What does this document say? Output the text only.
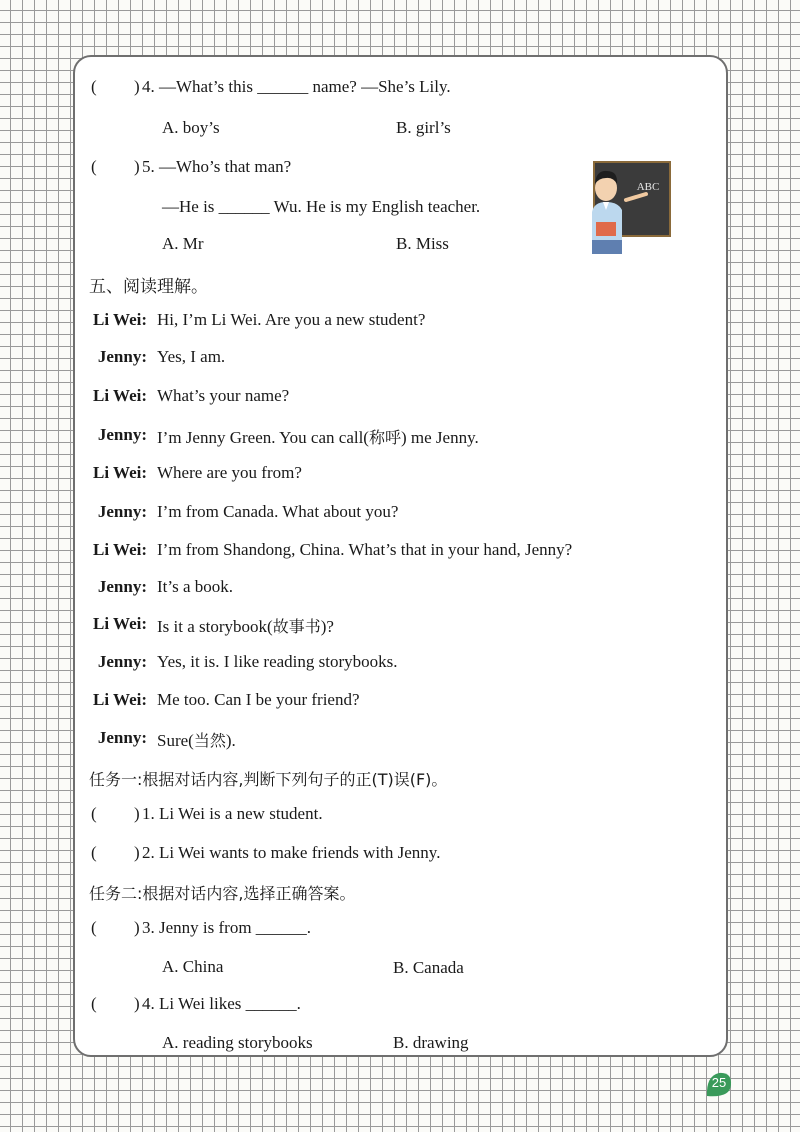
( ) 4. —What’s this ______ name? —She’s Lily.
A. boy’s	B. girl’s
( ) 5. —Who’s that man?
—He is ______ Wu. He is my English teacher.
A. Mr	B. Miss
ABC
五、阅读理解。
Li Wei: Hi, I’m Li Wei. Are you a new student?
Jenny: Yes, I am.
Li Wei: What’s your name?
Jenny: I’m Jenny Green. You can call(称呼) me Jenny.
Li Wei: Where are you from?
Jenny: I’m from Canada. What about you?
Li Wei: I’m from Shandong, China. What’s that in your hand, Jenny?
Jenny: It’s a book.
Li Wei: Is it a storybook(故事书)?
Jenny: Yes, it is. I like reading storybooks.
Li Wei: Me too. Can I be your friend?
Jenny: Sure(当然).
任务一:根据对话内容,判断下列句子的正(T)误(F)。
( ) 1. Li Wei is a new student.
( ) 2. Li Wei wants to make friends with Jenny.
任务二:根据对话内容,选择正确答案。
( ) 3. Jenny is from ______.
A. China	B. Canada
( ) 4. Li Wei likes ______.
A. reading storybooks	B. drawing
25
